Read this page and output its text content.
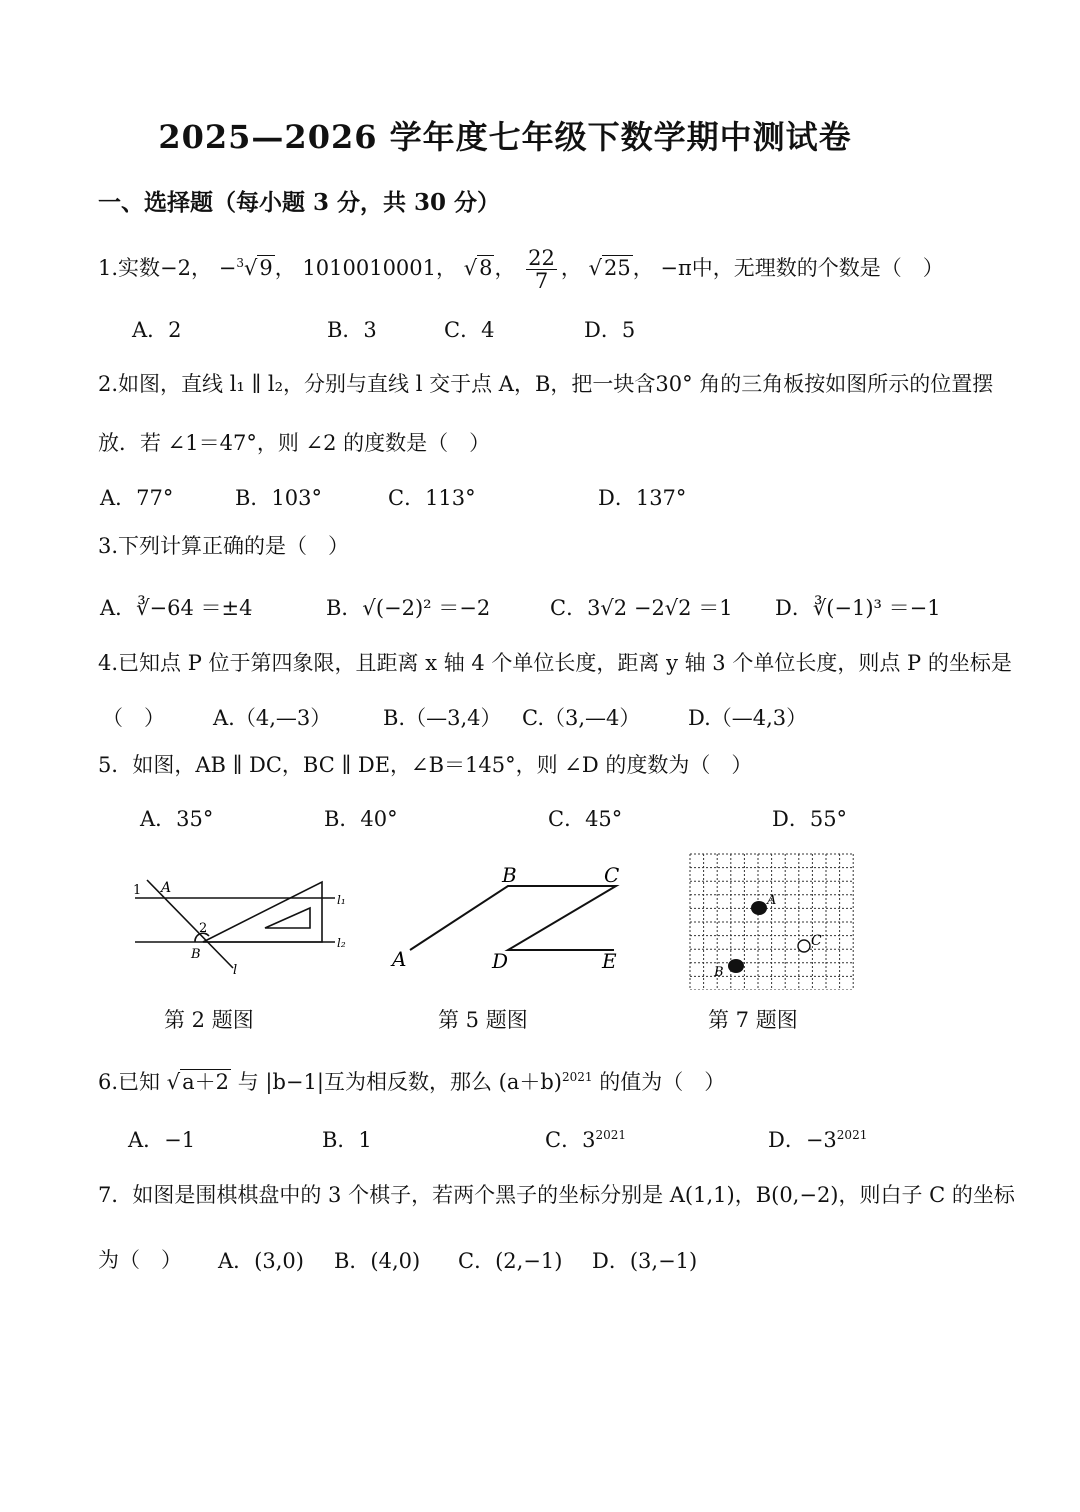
2025—2026 学年度七年级下数学期中测试卷
一、选择题（每小题 3 分，共 30 分）
1.实数−2， −$^3$√9， 1010010001， √8， $\frac{22}{7}$ ， √25， −π中，无理数的个数是（　）
A．2	B．3	C．4	D．5
2.如图，直线 l₁ ∥ l₂，分别与直线 l 交于点 A，B，把一块含30° 角的三角板按如图所示的位置摆
放．若 ∠1＝47°，则 ∠2 的度数是（　）
A．77°	B．103°	C．113°	D．137°
3.下列计算正确的是（　）
A．∛−64 ＝±4	B．√(−2)² ＝−2	C．3√2 −2√2 ＝1 D．∛(−1)³ ＝−1
4.已知点 P 位于第四象限，且距离 x 轴 4 个单位长度，距离 y 轴 3 个单位长度，则点 P 的坐标是
（　） A.（4,—3） B.（—3,4） C.（3,—4） D.（—4,3）
5．如图，AB ∥ DC，BC ∥ DE，∠B＝145°，则 ∠D 的度数为（　）
A．35°	B．40°	C．45°	D．55°
1 A
2
B
l
l₁
l₂
第 2 题图
A
B	C
D	E
第 5 题图
A
B
C
第 7 题图
6.已知 √a＋2 与 |b−1|互为相反数，那么 $(a+b)^{2021}$ 的值为（　）
A．−1	B．1	C．$3^{2021}$	D．$-3^{2021}$
7．如图是围棋棋盘中的 3 个棋子，若两个黑子的坐标分别是 A(1,1)，B(0,−2)，则白子 C 的坐标
为（　） A．(3,0) B．(4,0) C．(2,−1) D．(3,−1)
